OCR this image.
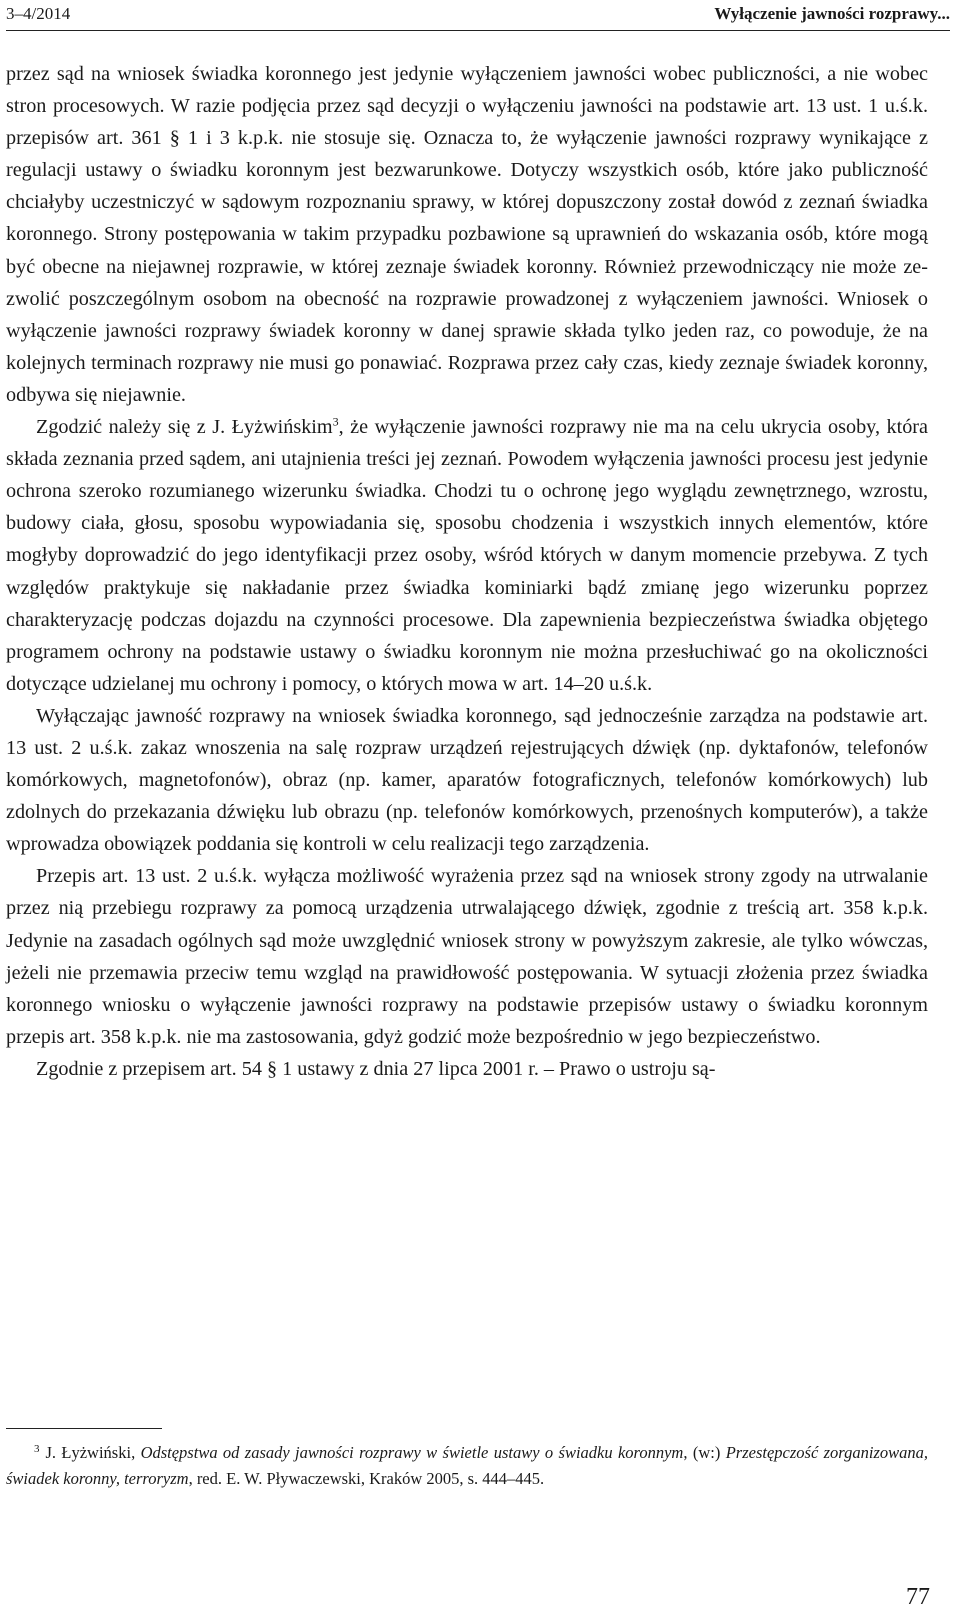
3–4/2014	Wyłączenie jawności rozprawy...

przez sąd na wniosek świadka koronnego jest jedynie wyłączeniem jawności wobec publiczności, a nie wobec stron procesowych. W razie podjęcia przez sąd decyzji o wyłączeniu jawności na podstawie art. 13 ust. 1 u.ś.k. przepisów art. 361 § 1 i 3 k.p.k. nie stosuje się. Oznacza to, że wyłączenie jawności rozprawy wynikające z regulacji ustawy o świadku koronnym jest bezwarunkowe. Dotyczy wszystkich osób, które jako publiczność chciałyby uczestniczyć w sądowym rozpoznaniu sprawy, w której dopuszczony został dowód z zeznań świadka koronnego. Strony postępowania w takim przypadku pozbawione są uprawnień do wskazania osób, które mogą być obecne na niejawnej rozprawie, w której zeznaje świadek koronny. Również przewodniczący nie może zezwolić poszczególnym osobom na obecność na rozprawie prowadzonej z wyłączeniem jawności. Wniosek o wyłączenie jawności rozprawy świadek koronny w danej sprawie składa tylko jeden raz, co powoduje, że na kolejnych terminach rozprawy nie musi go ponawiać. Rozprawa przez cały czas, kiedy zeznaje świadek koronny, odbywa się niejawnie.

Zgodzić należy się z J. Łyżwińskim$^3$, że wyłączenie jawności rozprawy nie ma na celu ukrycia osoby, która składa zeznania przed sądem, ani utajnienia treści jej zeznań. Powodem wyłączenia jawności procesu jest jedynie ochrona szeroko rozumianego wizerunku świadka. Chodzi tu o ochronę jego wyglądu zewnętrznego, wzrostu, budowy ciała, głosu, sposobu wypowiadania się, sposobu chodzenia i wszystkich innych elementów, które mogłyby doprowadzić do jego identyfikacji przez osoby, wśród których w danym momencie przebywa. Z tych względów praktykuje się nakładanie przez świadka kominiarki bądź zmianę jego wizerunku poprzez charakteryzację podczas dojazdu na czynności procesowe. Dla zapewnienia bezpieczeństwa świadka objętego programem ochrony na podstawie ustawy o świadku koronnym nie można przesłuchiwać go na okoliczności dotyczące udzielanej mu ochrony i pomocy, o których mowa w art. 14–20 u.ś.k.

Wyłączając jawność rozprawy na wniosek świadka koronnego, sąd jednocześnie zarządza na podstawie art. 13 ust. 2 u.ś.k. zakaz wnoszenia na salę rozpraw urządzeń rejestrujących dźwięk (np. dyktafonów, telefonów komórkowych, magnetofonów), obraz (np. kamer, aparatów fotograficznych, telefonów komórkowych) lub zdolnych do przekazania dźwięku lub obrazu (np. telefonów komórkowych, przenośnych komputerów), a także wprowadza obowiązek poddania się kontroli w celu realizacji tego zarządzenia.

Przepis art. 13 ust. 2 u.ś.k. wyłącza możliwość wyrażenia przez sąd na wniosek strony zgody na utrwalanie przez nią przebiegu rozprawy za pomocą urządzenia utrwalającego dźwięk, zgodnie z treścią art. 358 k.p.k. Jedynie na zasadach ogólnych sąd może uwzględnić wniosek strony w powyższym zakresie, ale tylko wówczas, jeżeli nie przemawia przeciw temu wzgląd na prawidłowość postępowania. W sytuacji złożenia przez świadka koronnego wniosku o wyłączenie jawności rozprawy na podstawie przepisów ustawy o świadku koronnym przepis art. 358 k.p.k. nie ma zastosowania, gdyż godzić może bezpośrednio w jego bezpieczeństwo.

Zgodnie z przepisem art. 54 § 1 ustawy z dnia 27 lipca 2001 r. – Prawo o ustroju są-

$^3$ J. Łyżwiński, Odstępstwa od zasady jawności rozprawy w świetle ustawy o świadku koronnym, (w:) Przestępczość zorganizowana, świadek koronny, terroryzm, red. E. W. Pływaczewski, Kraków 2005, s. 444–445.
77
